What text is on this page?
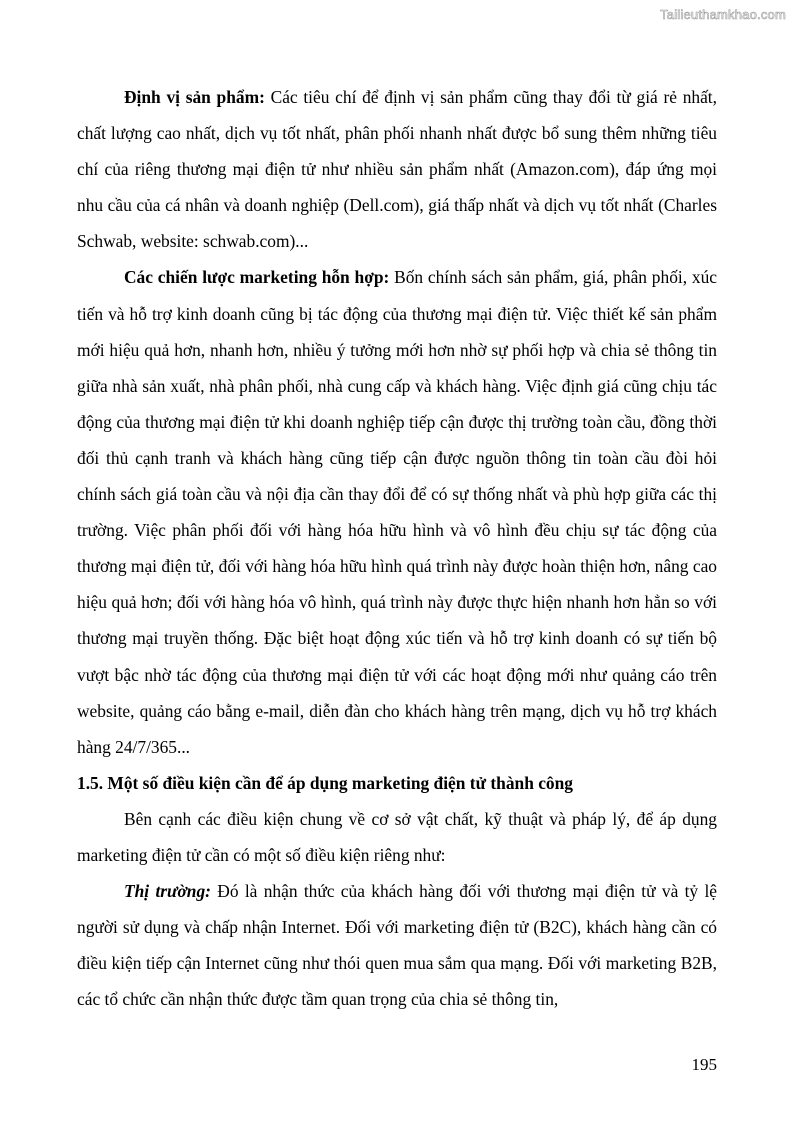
Tailieuthamkhao.com

Định vị sản phẩm: Các tiêu chí để định vị sản phẩm cũng thay đổi từ giá rẻ nhất, chất lượng cao nhất, dịch vụ tốt nhất, phân phối nhanh nhất được bổ sung thêm những tiêu chí của riêng thương mại điện tử như nhiều sản phẩm nhất (Amazon.com), đáp ứng mọi nhu cầu của cá nhân và doanh nghiệp (Dell.com), giá thấp nhất và dịch vụ tốt nhất (Charles Schwab, website: schwab.com)...

Các chiến lược marketing hỗn hợp: Bốn chính sách sản phẩm, giá, phân phối, xúc tiến và hỗ trợ kinh doanh cũng bị tác động của thương mại điện tử. Việc thiết kế sản phẩm mới hiệu quả hơn, nhanh hơn, nhiều ý tưởng mới hơn nhờ sự phối hợp và chia sẻ thông tin giữa nhà sản xuất, nhà phân phối, nhà cung cấp và khách hàng. Việc định giá cũng chịu tác động của thương mại điện tử khi doanh nghiệp tiếp cận được thị trường toàn cầu, đồng thời đối thủ cạnh tranh và khách hàng cũng tiếp cận được nguồn thông tin toàn cầu đòi hỏi chính sách giá toàn cầu và nội địa cần thay đổi để có sự thống nhất và phù hợp giữa các thị trường. Việc phân phối đối với hàng hóa hữu hình và vô hình đều chịu sự tác động của thương mại điện tử, đối với hàng hóa hữu hình quá trình này được hoàn thiện hơn, nâng cao hiệu quả hơn; đối với hàng hóa vô hình, quá trình này được thực hiện nhanh hơn hẳn so với thương mại truyền thống. Đặc biệt hoạt động xúc tiến và hỗ trợ kinh doanh có sự tiến bộ vượt bậc nhờ tác động của thương mại điện tử với các hoạt động mới như quảng cáo trên website, quảng cáo bằng e-mail, diễn đàn cho khách hàng trên mạng, dịch vụ hỗ trợ khách hàng 24/7/365...

1.5. Một số điều kiện cần để áp dụng marketing điện tử thành công

Bên cạnh các điều kiện chung về cơ sở vật chất, kỹ thuật và pháp lý, để áp dụng marketing điện tử cần có một số điều kiện riêng như:

Thị trường: Đó là nhận thức của khách hàng đối với thương mại điện tử và tỷ lệ người sử dụng và chấp nhận Internet. Đối với marketing điện tử (B2C), khách hàng cần có điều kiện tiếp cận Internet cũng như thói quen mua sắm qua mạng. Đối với marketing B2B, các tổ chức cần nhận thức được tầm quan trọng của chia sẻ thông tin,

195
